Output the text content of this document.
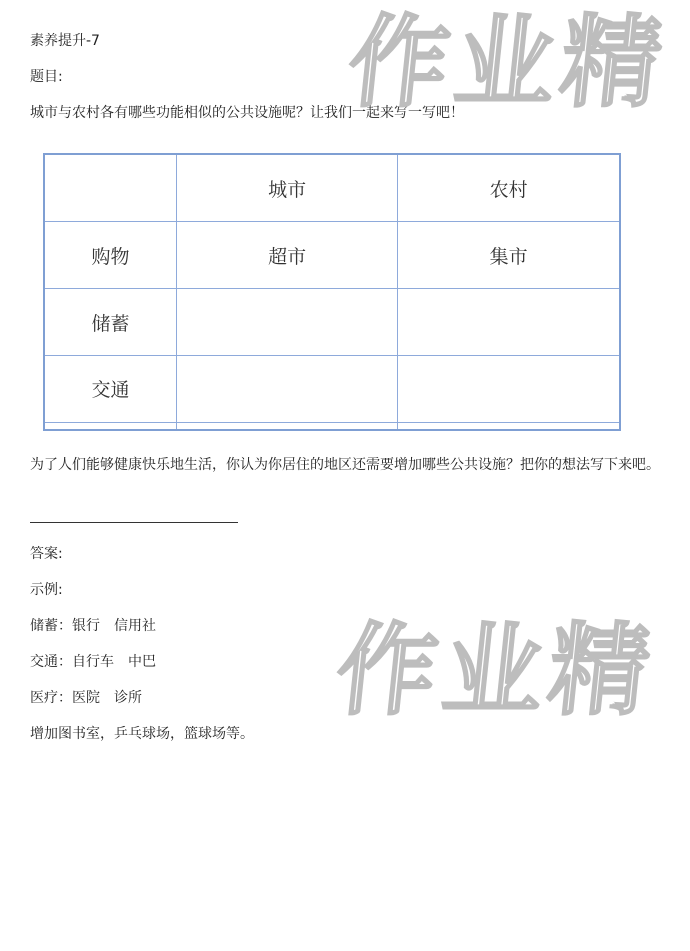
作业精
素养提升-7
题目:
城市与农村各有哪些功能相似的公共设施呢？让我们一起来写一写吧！
	城市	农村
购物	超市	集市
储蓄		
交通		

为了人们能够健康快乐地生活，你认为你居住的地区还需要增加哪些公共设施？把你的想法写下来吧。
答案:
示例:
储蓄：银行 信用社
交通：自行车 中巴
医疗：医院 诊所
增加图书室，乒乓球场，篮球场等。
作业精
